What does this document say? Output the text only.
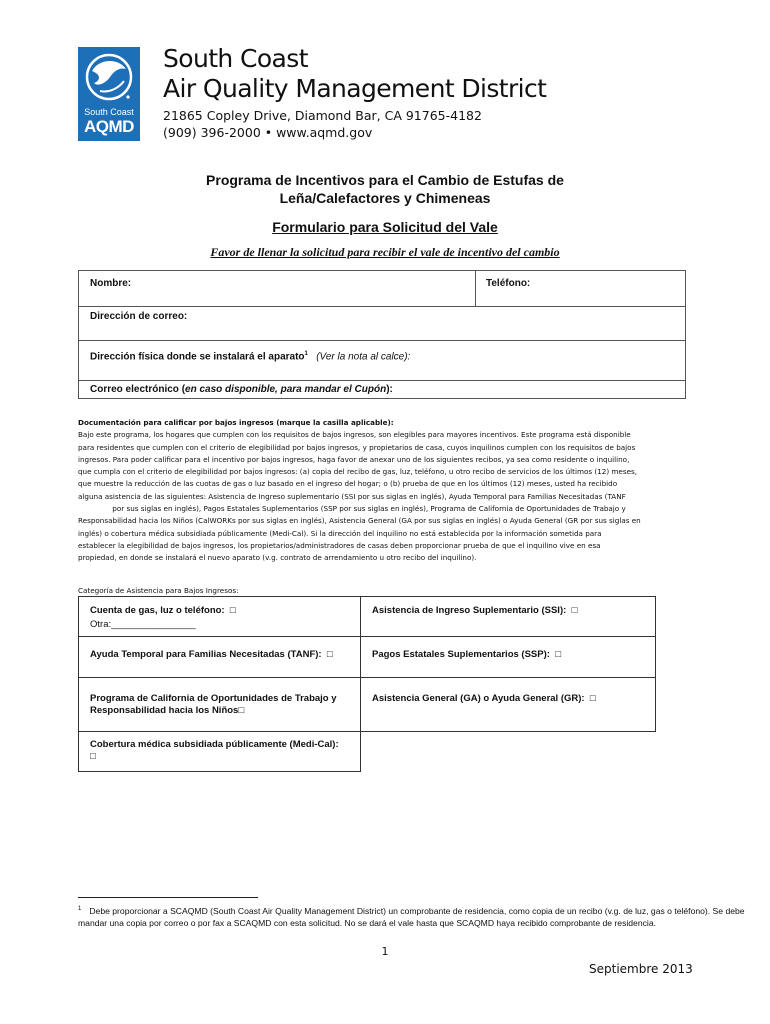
South Coast
AQMD
South Coast
Air Quality Management District
21865 Copley Drive, Diamond Bar, CA 91765-4182
(909) 396-2000 • www.aqmd.gov
Programa de Incentivos para el Cambio de Estufas de
Leña/Calefactores y Chimeneas
Formulario para Solicitud del Vale
Favor de llenar la solicitud para recibir el vale de incentivo del cambio
Nombre:	Teléfono:
Dirección de correo:
Dirección física donde se instalará el aparato$^1$ (Ver la nota al calce):
Correo electrónico (en caso disponible, para mandar el Cupón):

Documentación para calificar por bajos ingresos (marque la casilla aplicable):

Bajo este programa, los hogares que cumplen con los requisitos de bajos ingresos, son elegibles para mayores incentivos. Este programa está disponible

para residentes que cumplen con el criterio de elegibilidad por bajos ingresos, y propietarios de casa, cuyos inquilinos cumplen con los requisitos de bajos

ingresos. Para poder calificar para el incentivo por bajos ingresos, haga favor de anexar uno de los siguientes recibos, ya sea como residente o inquilino,

que cumpla con el criterio de elegibilidad por bajos ingresos: (a) copia del recibo de gas, luz, teléfono, u otro recibo de servicios de los últimos (12) meses,

que muestre la reducción de las cuotas de gas o luz basado en el ingreso del hogar; o (b) prueba de que en los últimos (12) meses, usted ha recibido

alguna asistencia de las siguientes: Asistencia de Ingreso suplementario (SSI por sus siglas en inglés), Ayuda Temporal para Familias Necesitadas (TANF

por sus siglas en inglés), Pagos Estatales Suplementarios (SSP por sus siglas en inglés), Programa de California de Oportunidades de Trabajo y

Responsabilidad hacia los Niños (CalWORKs por sus siglas en inglés), Asistencia General (GA por sus siglas en inglés) o Ayuda General (GR por sus siglas en

inglés) o cobertura médica subsidiada públicamente (Medi-Cal). Si la dirección del inquilino no está establecida por la información sometida para

establecer la elegibilidad de bajos ingresos, los propietarios/administradores de casas deben proporcionar prueba de que el inquilino vive en esa

propiedad, en donde se instalará el nuevo aparato (v.g. contrato de arrendamiento u otro recibo del inquilino).

Categoría de Asistencia para Bajos Ingresos:
Cuenta de gas, luz o teléfono: □
Otra:________________
Asistencia de Ingreso Suplementario (SSI): □
Ayuda Temporal para Familias Necesitadas (TANF): □	Pagos Estatales Suplementarios (SSP): □
Programa de California de Oportunidades de Trabajo y
Responsabilidad hacia los Niños□
Asistencia General (GA) o Ayuda General (GR): □
Cobertura médica subsidiada públicamente (Medi-Cal):
□
$^1$ Debe proporcionar a SCAQMD (South Coast Air Quality Management District) un comprobante de residencia, como copia de un recibo (v.g. de luz, gas o teléfono). Se debe mandar una copia por correo o por fax a SCAQMD con esta solicitud. No se dará el vale hasta que SCAQMD haya recibido comprobante de residencia.
1
Septiembre 2013
